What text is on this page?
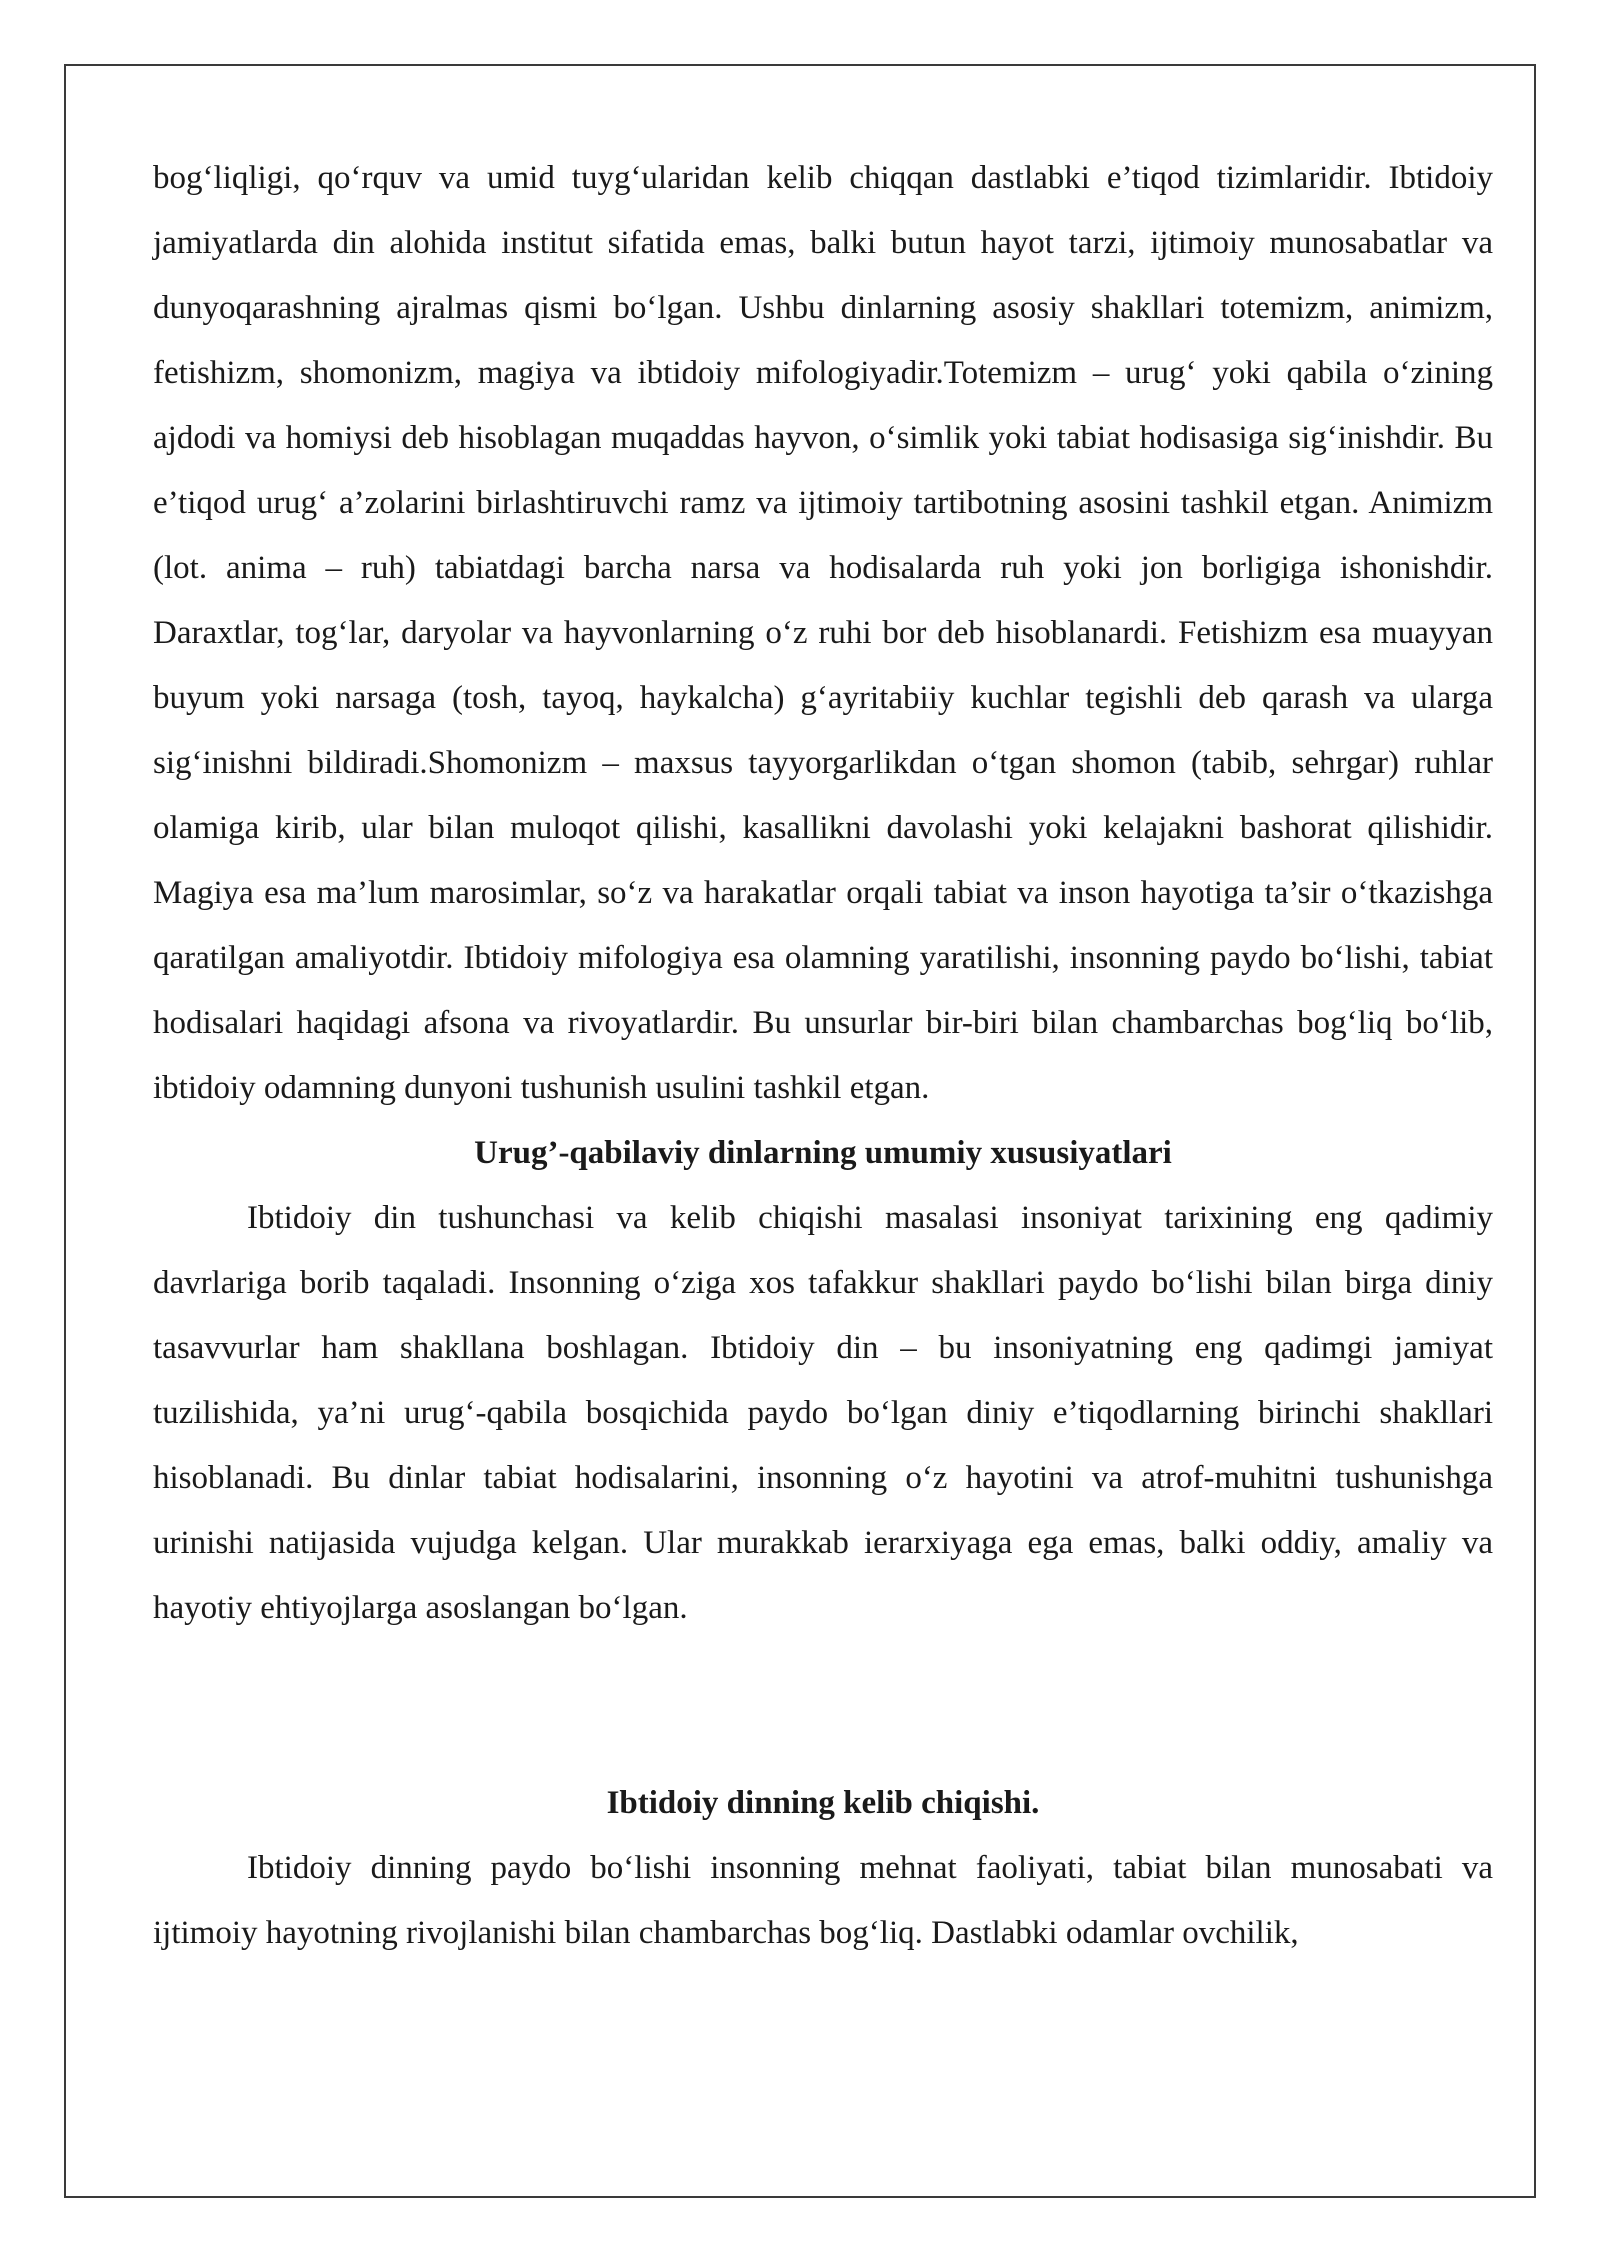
bog‘liqligi, qo‘rquv va umid tuyg‘ularidan kelib chiqqan dastlabki e’tiqod tizimlaridir. Ibtidoiy jamiyatlarda din alohida institut sifatida emas, balki butun hayot tarzi, ijtimoiy munosabatlar va dunyoqarashning ajralmas qismi bo‘lgan. Ushbu dinlarning asosiy shakllari totemizm, animizm, fetishizm, shomonizm, magiya va ibtidoiy mifologiyadir.Totemizm – urug‘ yoki qabila o‘zining ajdodi va homiysi deb hisoblagan muqaddas hayvon, o‘simlik yoki tabiat hodisasiga sig‘inishdir. Bu e’tiqod urug‘ a’zolarini birlashtiruvchi ramz va ijtimoiy tartibotning asosini tashkil etgan. Animizm (lot. anima – ruh) tabiatdagi barcha narsa va hodisalarda ruh yoki jon borligiga ishonishdir. Daraxtlar, tog‘lar, daryolar va hayvonlarning o‘z ruhi bor deb hisoblanardi. Fetishizm esa muayyan buyum yoki narsaga (tosh, tayoq, haykalcha) g‘ayritabiiy kuchlar tegishli deb qarash va ularga sig‘inishni bildiradi.Shomonizm – maxsus tayyorgarlikdan o‘tgan shomon (tabib, sehrgar) ruhlar olamiga kirib, ular bilan muloqot qilishi, kasallikni davolashi yoki kelajakni bashorat qilishidir. Magiya esa ma’lum marosimlar, so‘z va harakatlar orqali tabiat va inson hayotiga ta’sir o‘tkazishga qaratilgan amaliyotdir. Ibtidoiy mifologiya esa olamning yaratilishi, insonning paydo bo‘lishi, tabiat hodisalari haqidagi afsona va rivoyatlardir. Bu unsurlar bir-biri bilan chambarchas bog‘liq bo‘lib, ibtidoiy odamning dunyoni tushunish usulini tashkil etgan.

Urug’-qabilaviy dinlarning umumiy xususiyatlari

Ibtidoiy din tushunchasi va kelib chiqishi masalasi insoniyat tarixining eng qadimiy davrlariga borib taqaladi. Insonning o‘ziga xos tafakkur shakllari paydo bo‘lishi bilan birga diniy tasavvurlar ham shakllana boshlagan. Ibtidoiy din – bu insoniyatning eng qadimgi jamiyat tuzilishida, ya’ni urug‘-qabila bosqichida paydo bo‘lgan diniy e’tiqodlarning birinchi shakllari hisoblanadi. Bu dinlar tabiat hodisalarini, insonning o‘z hayotini va atrof-muhitni tushunishga urinishi natijasida vujudga kelgan. Ular murakkab ierarxiyaga ega emas, balki oddiy, amaliy va hayotiy ehtiyojlarga asoslangan bo‘lgan.

Ibtidoiy dinning kelib chiqishi.

Ibtidoiy dinning paydo bo‘lishi insonning mehnat faoliyati, tabiat bilan munosabati va ijtimoiy hayotning rivojlanishi bilan chambarchas bog‘liq. Dastlabki odamlar ovchilik,
